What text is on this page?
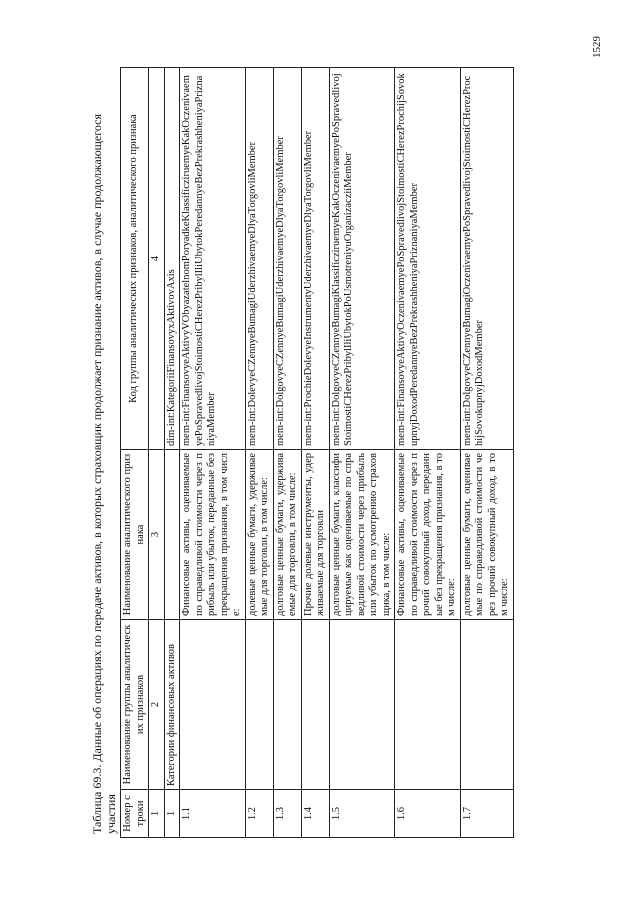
1529
Таблица 69.3. Данные об операциях по передаче активов, в которых страховщик продолжает признание активов, в случае продолжающегося участия Номер строки	Наименование группы аналитических признаков	Наименование аналитического признака	Код группы аналитических признаков, аналитического признака
1	2	3	4
1	Категории финансовых активов		dim-int:KategoriiFinansovyxAktivovAxis
1.1		Финансовые активы, оцениваемые по справедливой стоимости через прибыль или убыток, переданные без прекращения признания, в том числе:	mem-int:FinansovyeAktivyVObyazatelnomPoryadkeKlassificziruemyeKakOczenivaemyePoSpravedlivojStoimostiCHerezPribylIliUbytokPeredannyeBezPrekrashheniyaPriznaniyaMember
1.2		долевые ценные бумаги, удерживаемые для торговли, в том числе:	mem-int:DolevyeCZennyeBumagiUderzhivaemyeDlyaTorgovliMember
1.3		долговые ценные бумаги, удерживаемые для торговли, в том числе:	mem-int:DolgovyeCZennyeBumagiUderzhivaemyeDlyaTorgovliMember
1.4		Прочие долевые инструменты, удерживаемые для торговли	mem-int:ProchieDolevyeInstrumentyUderzhivaemyeDlyaTorgovliMember
1.5		долговые ценные бумаги, классифицируемые как оцениваемые по справедливой стоимости через прибыль или убыток по усмотрению страховщика, в том числе:	mem-int:DolgovyeCZennyeBumagiKlassificziruemyeKakOczenivaemyePoSpravedlivojStoimostiCHerezPribylIliUbytokPoUsmotreniyuOrganizacziiMember
1.6		Финансовые активы, оцениваемые по справедливой стоимости через прочий совокупный доход, переданные без прекращения признания, в том числе:	mem-int:FinansovyeAktivyOczenivaemyePoSpravedlivojStoimostiCHerezProchijSovokupnyjDoxodPeredannyeBezPrekrashheniyaPriznaniyaMember
1.7		долговые ценные бумаги, оцениваемые по справедливой стоимости через прочий совокупный доход, в том числе:	mem-int:DolgovyeCZennyeBumagiOczenivaemyePoSpravedlivojStoimostiCHerezProchijSovokupnyjDoxodMember
